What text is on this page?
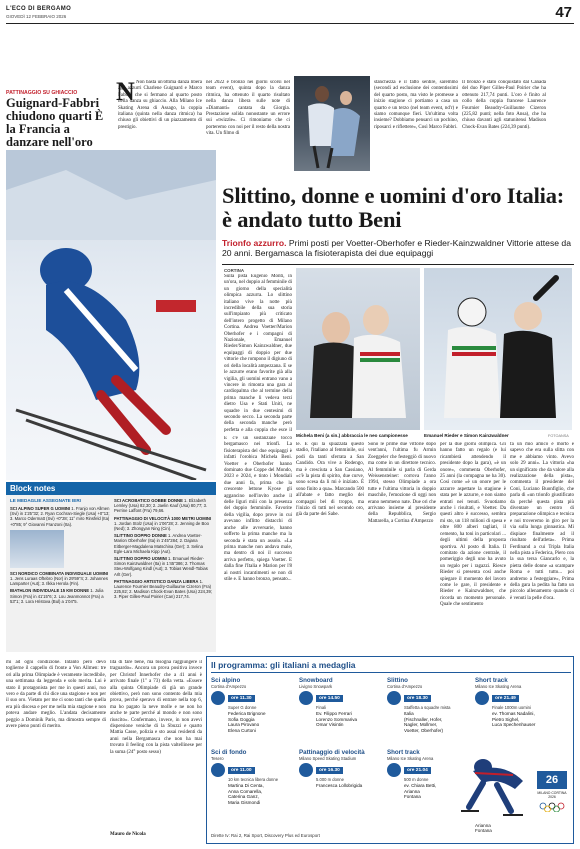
L'ECO DI BERGAMO
GIOVEDÌ 12 FEBBRAIO 2026	47
PATTINAGGIO SU GHIACCIO
Guignard-Fabbri chiudono quarti È la Francia a danzare nell'oro
N Non basta un'ottima danza libera agli azzurri Charlene Guignard e Marco Fabbri, che si fermano al quarto posto nella danza su ghiaccio. Alla Milano Ice Skating Arena di Assago, la coppia italiana (quinta nella danza ritmica) ha chiuso gli obiettivi di un piazzamento di prestigio.
nel 2022 e bronzo nei giorni scorsi nel team event), quinta dopo la danza ritmica, ha ottenuto il quarto risultato nella danza libera sulle note di «Diamanti» cantata da Giorgia. Prestazione solida nonostante un errore sui «twizzle». Ci rimoniamo che ci porteremo con noi per il resto della nostra vita. Un filmo di
stanchezza e il fatto sentire, saremmo (secondi ad esclusione dei contentissimi del quarto posto, ma visto le promesse a inizio stagione ci portiamo a casa un quarto e un terzo (nel team event, nd'r) e siamo comunque fieri. Un'ultima volta insieme? Dobbiamo pensarci un pochino, riposarci e riflettere», Così Marco Fabbri.
Il bronzo è stato conquistato dal Canada del duo Piper Gilles-Paul Poirier che ha ottenuto 217,74 punti. L'oro è finito al collo della coppia francese Laurence Fournier Beaudry-Guillaume Cizeron (225,82 punti; nella foto Ansa), che ha chiuso davanti agli statunitensi Madison Chock-Evan Bates (224,39 punti).
Slittino, donne e uomini d'oro Italia: è andato tutto Beni
Trionfo azzurro. Primi posti per Voetter-Oberhofer e Rieder-Kainzwaldner Vittorie attese da 20 anni. Bergamasca la fisioterapista dei due equipaggi
CORTINA
Sulla pista Eugenio Monti, in un'ora, nel doppio al femminile di un giorno della specialità olimpica azzurra. Lo slittino italiano vive la notte più incredibile della sua storia sull'impianto più criticato dell'intero progetto di Milano Cortina. Andrea Voetter/Marion Oberhofer e i compagni di Nazionale, Emanuel Rieder/Simon Kainzwaldner, due equipaggi di doppio per due vittorie che rompono il digiuno di ori della località ampezzana. E se le azzurre erano favorite già alla vigilia, gli uomini entrano vano a vincere in rimonta una gara al cardiopalma che al termine della prima manche li vedeva terzi dietro Usa e Stati Uniti, ne squadre in due centesimi di secondo secco. La seconda parte della seconda manche però perfetta e alla coppia che esce il
Michela Beni (a sin.) abbraccia le neo campionesse	Emanuel Rieder e Simon Kainzwaldner	FOTOANSA
E c'è un sostanziale tocco bergamasco nei trionfi. La fisioterapista del due equipaggi è infatti l'orobica Michela Beni. Voetter e Oberhofer hanno dominato due Coppe del Mondo, 2023 e 2024, e tinto i Mondiali due anni fa, prima che la crescente lettone Kyose gli aggancino nell'invito anche il delle liguri miii con la presenza del doppio femminile. Favorite della vigilia, dopo prove in cui avevano inflitto distacchi di anche alle avversarie, hanno sofferto la prima manche ma la seconda è stata un assolo. «La prima manche non andava male, ma dentro di noi il successo arriva perfetto, spiega Voetter. E dalla fine l'Italia e Marion per l'8 ai nostri incantimenti se non di stile e. E hanno bronzo, pensato...
le. E qui la spiazzata questo stadio, l'italiano al femminile, sui podi da tanti sferrata a San Candido. Ora vive a Rodengo, ma è cresciuta a San Cassiano, «c'è la pista di spirito, due curve, sono scesa da li mi è iniziato. È sono finito a qua». Marcando 500 all'abate e fatto meglio dei compagni bel di troppo, ma l'inizio di tutti nel secondo oro, già da parte dei Sabe.
Sono le prime due vittorie dopo vent'anni, l'ultima fu Armin Zoeggeler che festeggiò di nuovo ma come in un direttore tecnico. Al femminile si parla di Gerda Weissensteiner: corrova l'anno 1994, stesso Olimpiade a ora tutte e l'ultima vittoria in doppio maschile, l'emozione di oggi non erano nemmeno nate. Due ori che arrivano insieme al presidente della Repubblica, Sergio Mattarella, a Cortina d'Ampezzo
per la due giorni olimpica. Gli hanno fatto un regalo (e lui ricambierà attendendo il presidente dopo la gara), «è un onore», commenta Oberhofer, 25 anni (la compagna ne ha 30). Così come «è un onore per le azzurre aspettare la stagione è stata per le azzurre, e non siamo entrati nei tenuti. Svuotiamo anche i risultati, e Voetter. Da questi altro è successo, sembra mi sto, un 118 milioni di spesa e oltre 800 alberi tagliati, il cemento, ha toni in particolari ... degli ultimi della proposta sportiva. Al posto di Italia. Il comitato da azione centrale, il pomeriggio degli uno ha avuto un regalo per i ragazzi. Riesce Rieder si presenta così anche spiegare il momento del lavoro come le gare, il presidente e Rieder e Kainzwaldner, che ricorda un momento personale. Quale che sentimento
fa un mio amico è morto e sapevo che era sulla slitta con me e abbiamo vinto. Avevo solo 29 anni». La vittoria «ha un significato che da valore alla realizzazione della pista», commenta il presidente del Coni, Luciano Buonfiglio, che parla di «un trionfo giustificato da perché questa pista più diventare un centro di preparazione olimpica e tecnica e noi troveremo in giro per la via sulla lunga ginnastica. Mi dispiace finalmente ad il risultato dell'atleta». Prima Ferdinand a cui Tripla Italia nella pista a Federica, Piero con la sua tersa Giancarlo e, la pietra delle donne «a scampare Roma e tutti tutto... poi andremo a festeggiare», Prima della gara la pedita ha fatto un piccolo allenamento quando ci è venuti la pelle d'oca.
Block notes
LE MEDAGLIE ASSEGNATE IERI
SCI ALPINO SUPER G UOMINI 1. Franjo von Allmen (Svi) in 1'25"32; 2. Ryan Cochran-Siegle (Usa) +0"13; 3. Marco Odermatt (Svi) +0"28; 11° miro Rinsfeld (Ita) +0"85; 9° Giovanni Franzoni (Ita).
SCI NORDICO COMBINATA INDIVIDUALE UOMINI 1. Jens Luraas Oftebro (Nor) in 29'59"4; 2. Johannes Lamparter (Aut); 3. Ilkka Herola (Fin).
BIATHLON INDIVIDUALE 15 KM DONNE 1. Julia Simon (Fra) in 41'15"6; 2. Lou Jeanmonnot (Fra) a 53"1; 3. Lora Hristova (Bul) a 1'04"5.
SCI ACROBATICO GOBBE DONNE 1. Elizabeth Lemley (Usa) 82,30; 2. Jaelin Kauf (Usa) 80,77; 3. Perrine Laffont (Fra) 79,66.
PATTINAGGIO DI VELOCITÀ 1000 METRI UOMINI 1. Jordan Stolz (Usa) in 1'06"28; 2. Jenning de Boo (Ned); 3. Zhongyan Ning (Cin).
SLITTINO DOPPIO DONNE 1. Andrea Voetter-Marion Oberhofer (Ita) in 1'45"284; 2. Dajana Eitberger-Magdalena Matschina (Ger); 3. Selina Egle-Lara Michaela Kipp (Aut).
SLITTINO DOPPIO UOMINI 1. Emanuel Rieder-Simon Kainzwaldner (Ita) in 1'45"386; 2. Thomas Steu-Wolfgang Kindl (Aut); 3. Tobias Wendl-Tobias Arlt (Ger).
PATTINAGGIO ARTISTICO DANZA LIBERA 1. Laurence Fournier Beaudry-Guillaume Cizeron (Fra) 225,82; 2. Madison Chock-Evan Bates (Usa) 224,39; 3. Piper Gilles-Paul Poirier (Can) 217,74.
mi ad ogni condizione. Intanto però devo toglierne il cappello di fronte a Von Allmen: tre ori alla prima Olimpiade è veramente incredibile, una settimana da leggenda e solo merita. Lui è stato il protagonista per me in questi anni, ruo vero e da parte di chi dice una stagione e non per il suo oro. Vietato per me ci sono tanti che quella era più discesa e per me nella mia stagione e non poteva andare meglio. L'andata decisamente peggio a Dominik Paris, ma dimostra sempre di avere pieno punti di merito.
lità di fare bene, ma bisogna raggiungere il traguardo». Ancora un prova positiva invece per Christof Innerhofer che a 41 anni è arrivato finale (1" a 73) della vetta. «Essere alla quinta Olimpiade di già un grande obiettivo, però non sono contento della mia prova, perché speravo di entrare nella top 6, ma ho pagato la neve molle e ne non ho anche te parte perché al mondo e non sono riuscito». Confermano, invece, in non avevi dispersione veniche di la Sbuzzi e quarto Mattia Casse, polizia e sto assai residenti da anni nella Bergamasca che non ha mai trovato il feeling con la pista valtellinese per la suma (24° posto sesso)
Mauro de Nicola
Il programma: gli italiani a medaglia
Sci alpino
Cortina d'Ampezzo
ore 11.30
Super G donne
Federica Brignone
Sofia Goggia
Laura Pirovano
Elena Curtoni
Snowboard
Livigno Snowpark
ore 14.50
Finali
Ev. Filippo Ferrari
Lorenzo Sommariva
Omar Visintin
Slittino
Cortina d'Ampezzo
ore 18.30
Staffetta a squadre mista
Italia
(Fischnaller, Hofer,
Nagler, Mollmer,
Voetter, Oberhofer)
Short track
Milano Ice Skating Arena
ore 21.49
Finale 1000m uomini
ev. Thomas Nadalini,
Pietro Sighel,
Luca Spechenhauser
Sci di fondo
Tesero
ore 11.00
10 km tecnica libera donne
Martina Di Centa,
Anna Comarella,
Caterina Ganz,
Maria Gismondi
Pattinaggio di velocità
Milano Speed Skating Stadium
ore 16.30
5.000 m donne
Francesca Lollobrigida
Short track
Milano Ice Skating Arena
ore 21.04
500 m donne
ev. Chiara Betti,
Arianna
Fontana
Arianna
Fontana
26
MILANO CORTINA 2026
Dirette tv: Rai 2, Rai Sport, Discovery Plus ed Eurosport
